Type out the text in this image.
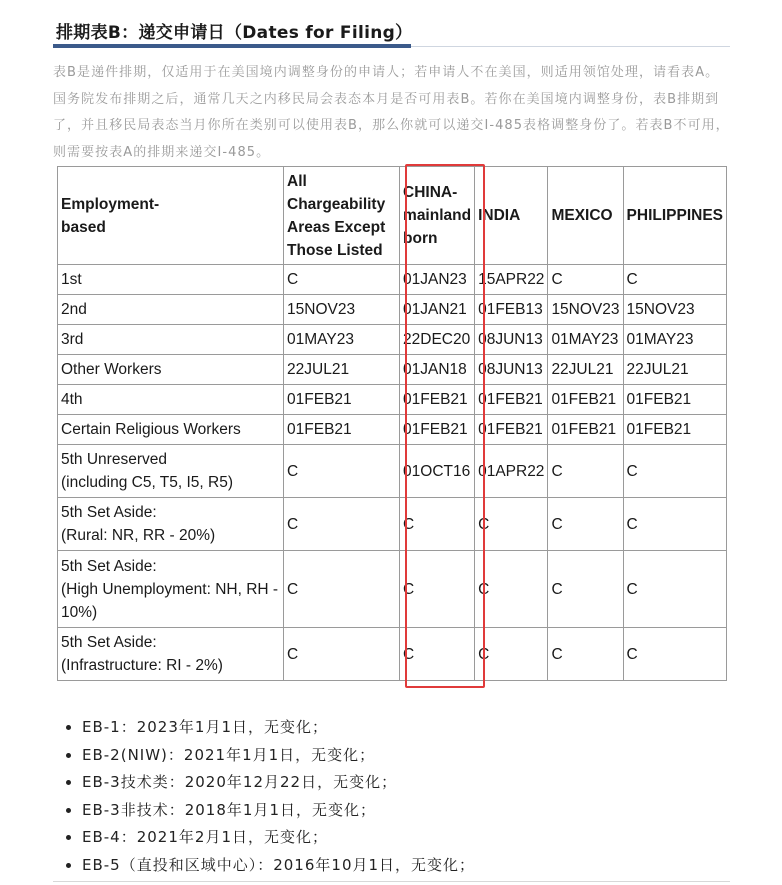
排期表B：递交申请日（Dates for Filing）

表B是递件排期，仅适用于在美国境内调整身份的申请人；若申请人不在美国，则适用领馆处理，请看表A。国务院发布排期之后，通常几天之内移民局会表态本月是否可用表B。若你在美国境内调整身份，表B排期到了，并且移民局表态当月你所在类别可以使用表B，那么你就可以递交I-485表格调整身份了。若表B不可用，则需要按表A的排期来递交I-485。

Employment-
based	All
Chargeability
Areas Except
Those Listed	CHINA-
mainland
born	INDIA	MEXICO	PHILIPPINES
1st	C	01JAN23	15APR22	C	C
2nd	15NOV23	01JAN21	01FEB13	15NOV23	15NOV23
3rd	01MAY23	22DEC20	08JUN13	01MAY23	01MAY23
Other Workers	22JUL21	01JAN18	08JUN13	22JUL21	22JUL21
4th	01FEB21	01FEB21	01FEB21	01FEB21	01FEB21
Certain Religious Workers	01FEB21	01FEB21	01FEB21	01FEB21	01FEB21
5th Unreserved
(including C5, T5, I5, R5)	C	01OCT16	01APR22	C	C
5th Set Aside:
(Rural: NR, RR - 20%)	C	C	C	C	C
5th Set Aside:
(High Unemployment: NH, RH -
10%)	C	C	C	C	C
5th Set Aside:
(Infrastructure: RI - 2%)	C	C	C	C	C
• EB-1：2023年1月1日，无变化；
• EB-2(NIW)：2021年1月1日，无变化；
• EB-3技术类：2020年12月22日，无变化；
• EB-3非技术：2018年1月1日，无变化；
• EB-4：2021年2月1日，无变化；
• EB-5（直投和区域中心）：2016年10月1日，无变化；
